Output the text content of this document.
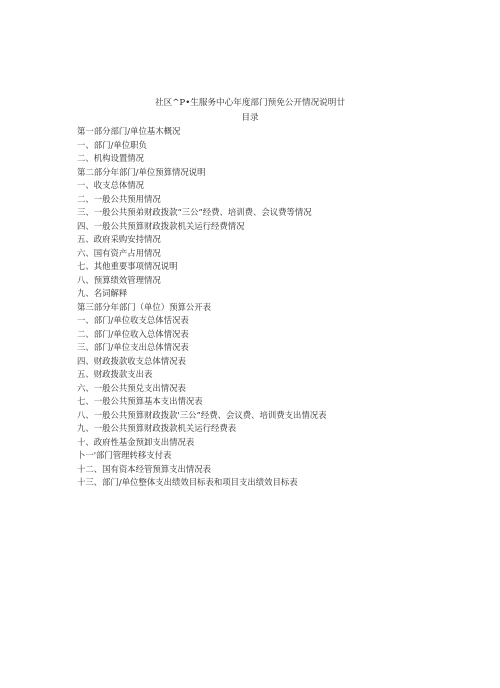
社区^P•生服务中心年度部门预免公开情况说明廿
目录
第一部分部门/单位基木概况
一、部门/单位职负
二、机构设置情况
第二部分年部门/单位预算情况说明
一、收支总体情况
二、一般公共预用情况
三、一般公共预弟财政拨款“三公”经费、培训费、会议费等情况
四、一般公共预算财政拨款机关运行经费情况
五、政府采购安持情况
六、国有资产占用情况
七、其他重要事项情况说明
八、预算绩效管理情况
九、名词解释
第三部分年部门（单位）预算公开表
一、部门/单位收支总体恬况表
二、部门/单位收入总体情况表
三、部门/单位支出总体情况表
四、财政拨款收支总体情况表
五、财政拨款支出表
六、一般公共预兑支出情况表
七、一般公共预算基本支出情况表
八、一般公共预算财政拨款'三公”经费、会议费、培训费支出情况表
九、一般公共预算财政拨款机关运行经费表
十、政府性基金预卸支出情况表
卜一'部门管理转移支付表
十二、国有资本经管预算支出情况表
十三、部门/单位整体支出绩效目标表和项目支出绩效目标表
